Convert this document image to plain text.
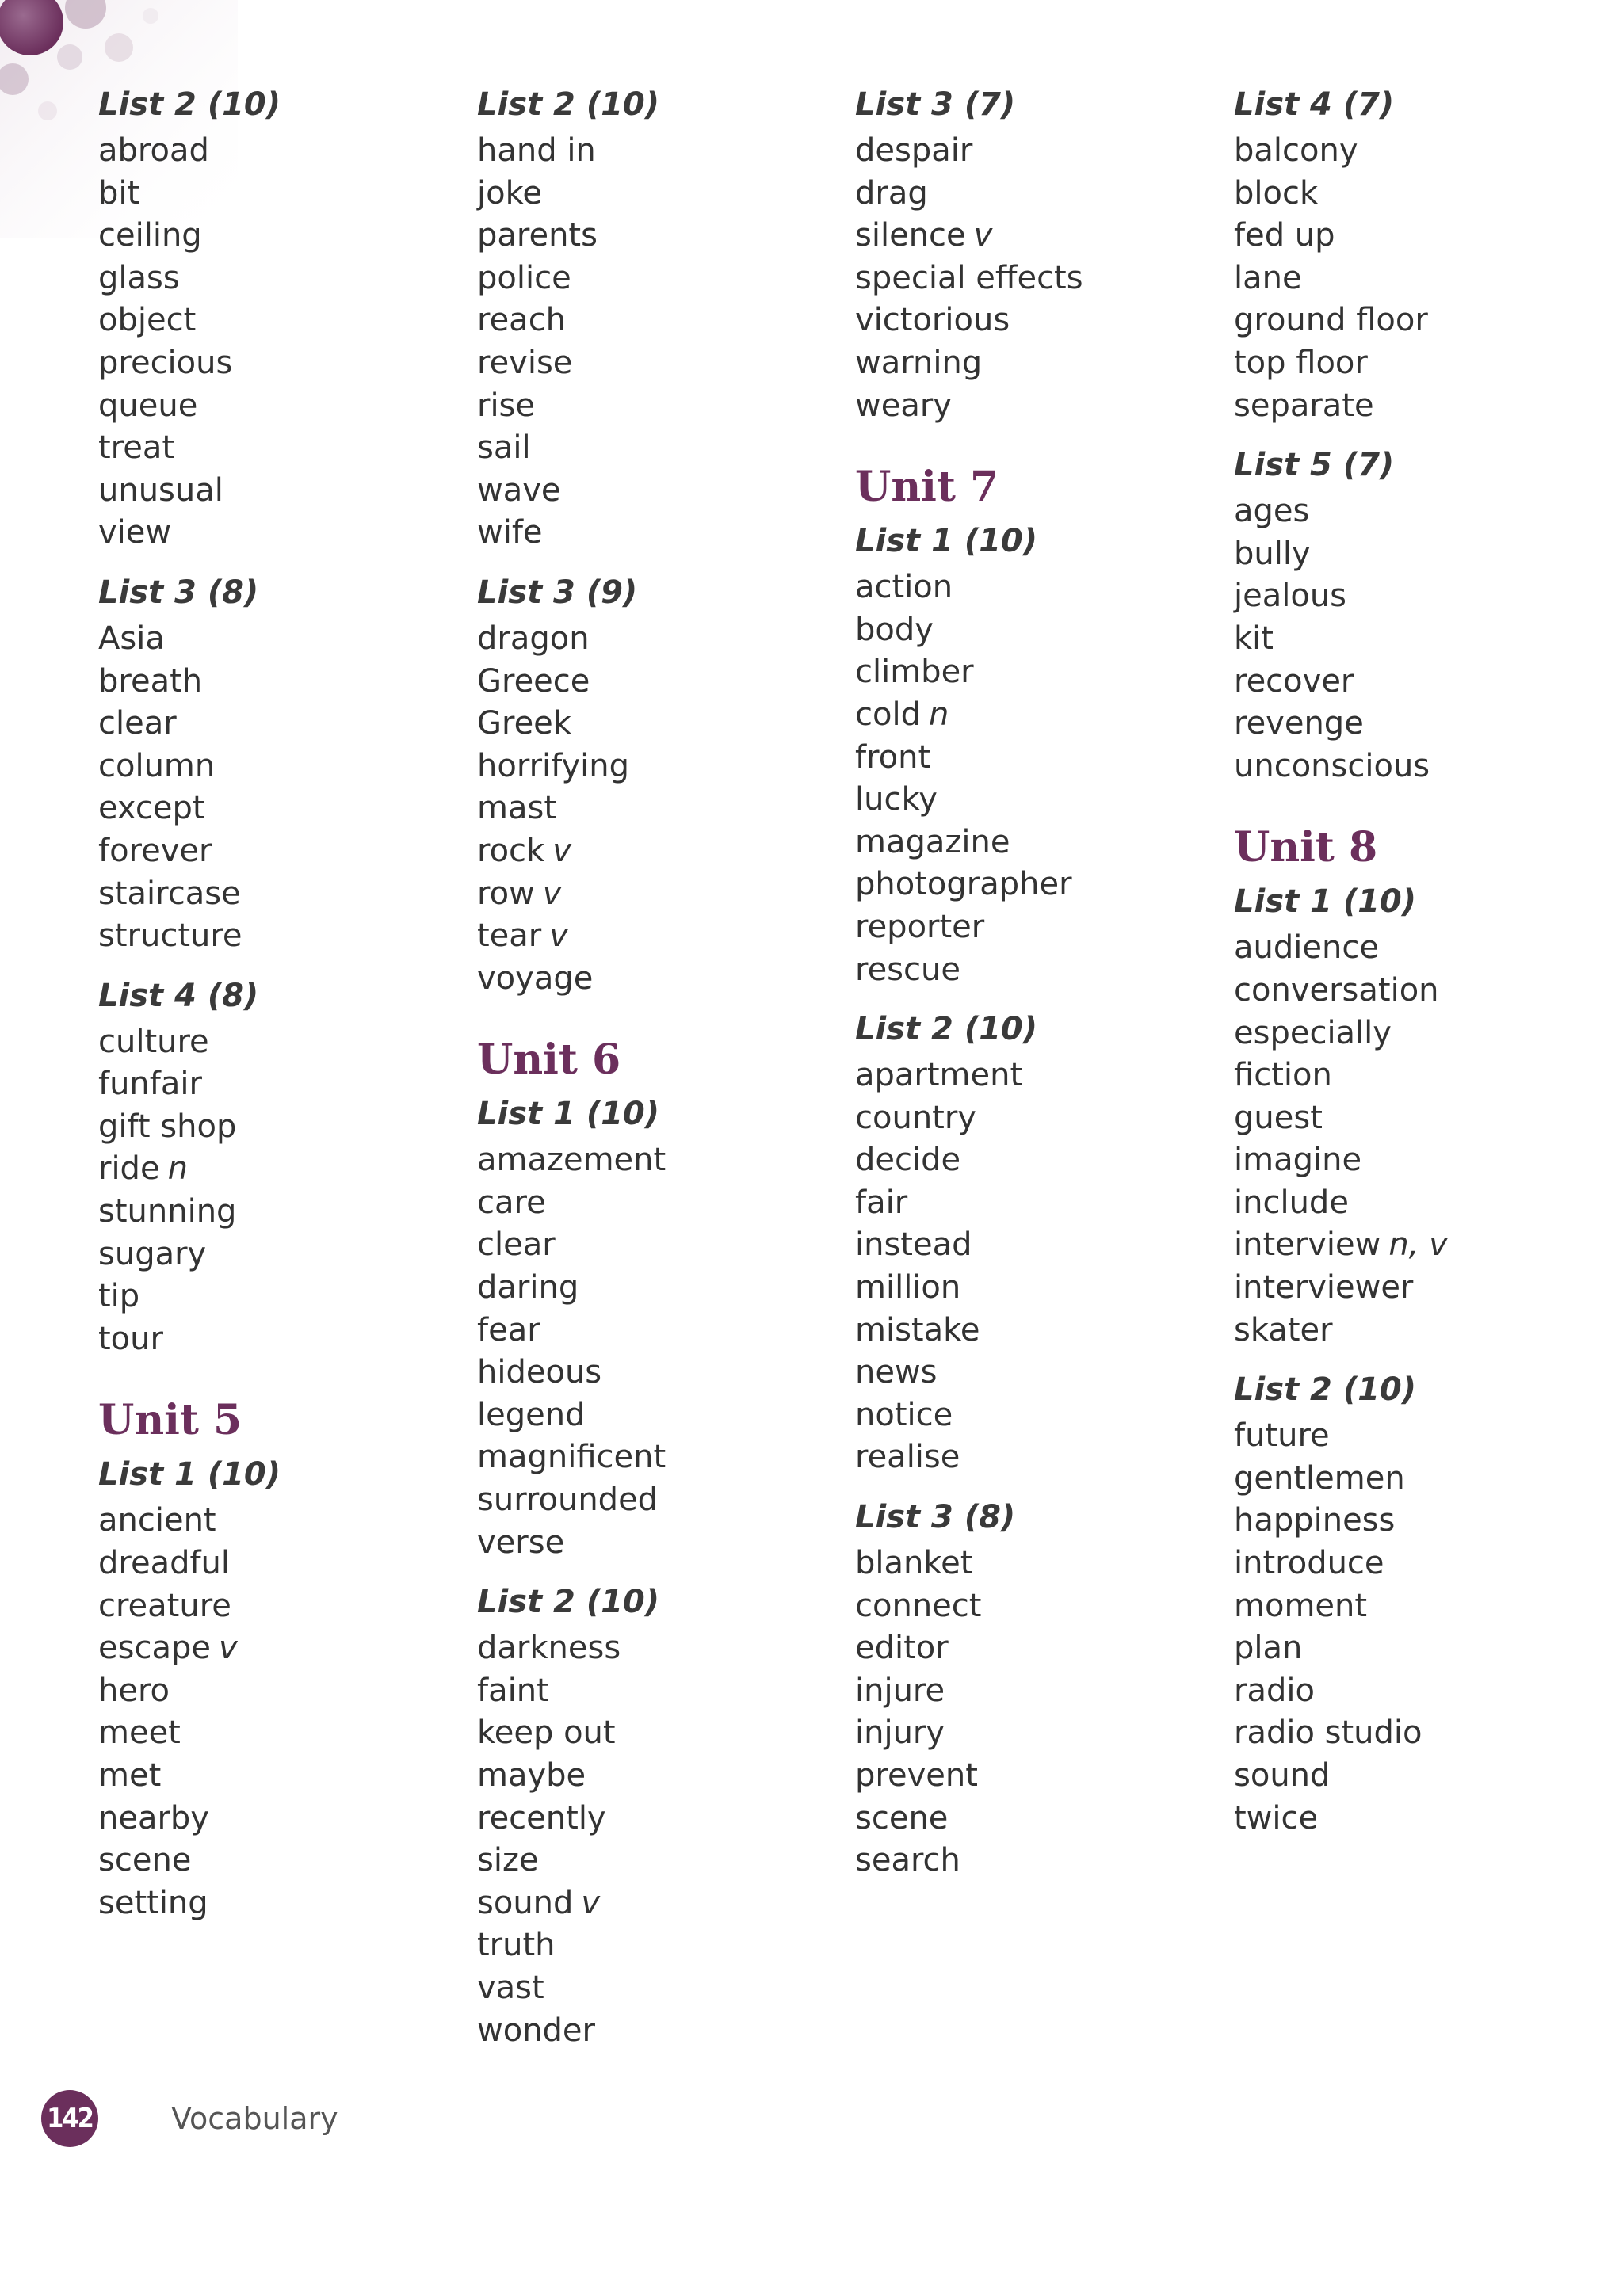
List 2 (10)
abroad
bit
ceiling
glass
object
precious
queue
treat
unusual
view
List 3 (8)
Asia
breath
clear
column
except
forever
staircase
structure
List 4 (8)
culture
funfair
gift shop
ride n
stunning
sugary
tip
tour
Unit 5
List 1 (10)
ancient
dreadful
creature
escape v
hero
meet
met
nearby
scene
setting
List 2 (10)
hand in
joke
parents
police
reach
revise
rise
sail
wave
wife
List 3 (9)
dragon
Greece
Greek
horrifying
mast
rock v
row v
tear v
voyage
Unit 6
List 1 (10)
amazement
care
clear
daring
fear
hideous
legend
magnificent
surrounded
verse
List 2 (10)
darkness
faint
keep out
maybe
recently
size
sound v
truth
vast
wonder
List 3 (7)
despair
drag
silence v
special effects
victorious
warning
weary
Unit 7
List 1 (10)
action
body
climber
cold n
front
lucky
magazine
photographer
reporter
rescue
List 2 (10)
apartment
country
decide
fair
instead
million
mistake
news
notice
realise
List 3 (8)
blanket
connect
editor
injure
injury
prevent
scene
search
List 4 (7)
balcony
block
fed up
lane
ground floor
top floor
separate
List 5 (7)
ages
bully
jealous
kit
recover
revenge
unconscious
Unit 8
List 1 (10)
audience
conversation
especially
fiction
guest
imagine
include
interview n, v
interviewer
skater
List 2 (10)
future
gentlemen
happiness
introduce
moment
plan
radio
radio studio
sound
twice
142	Vocabulary
